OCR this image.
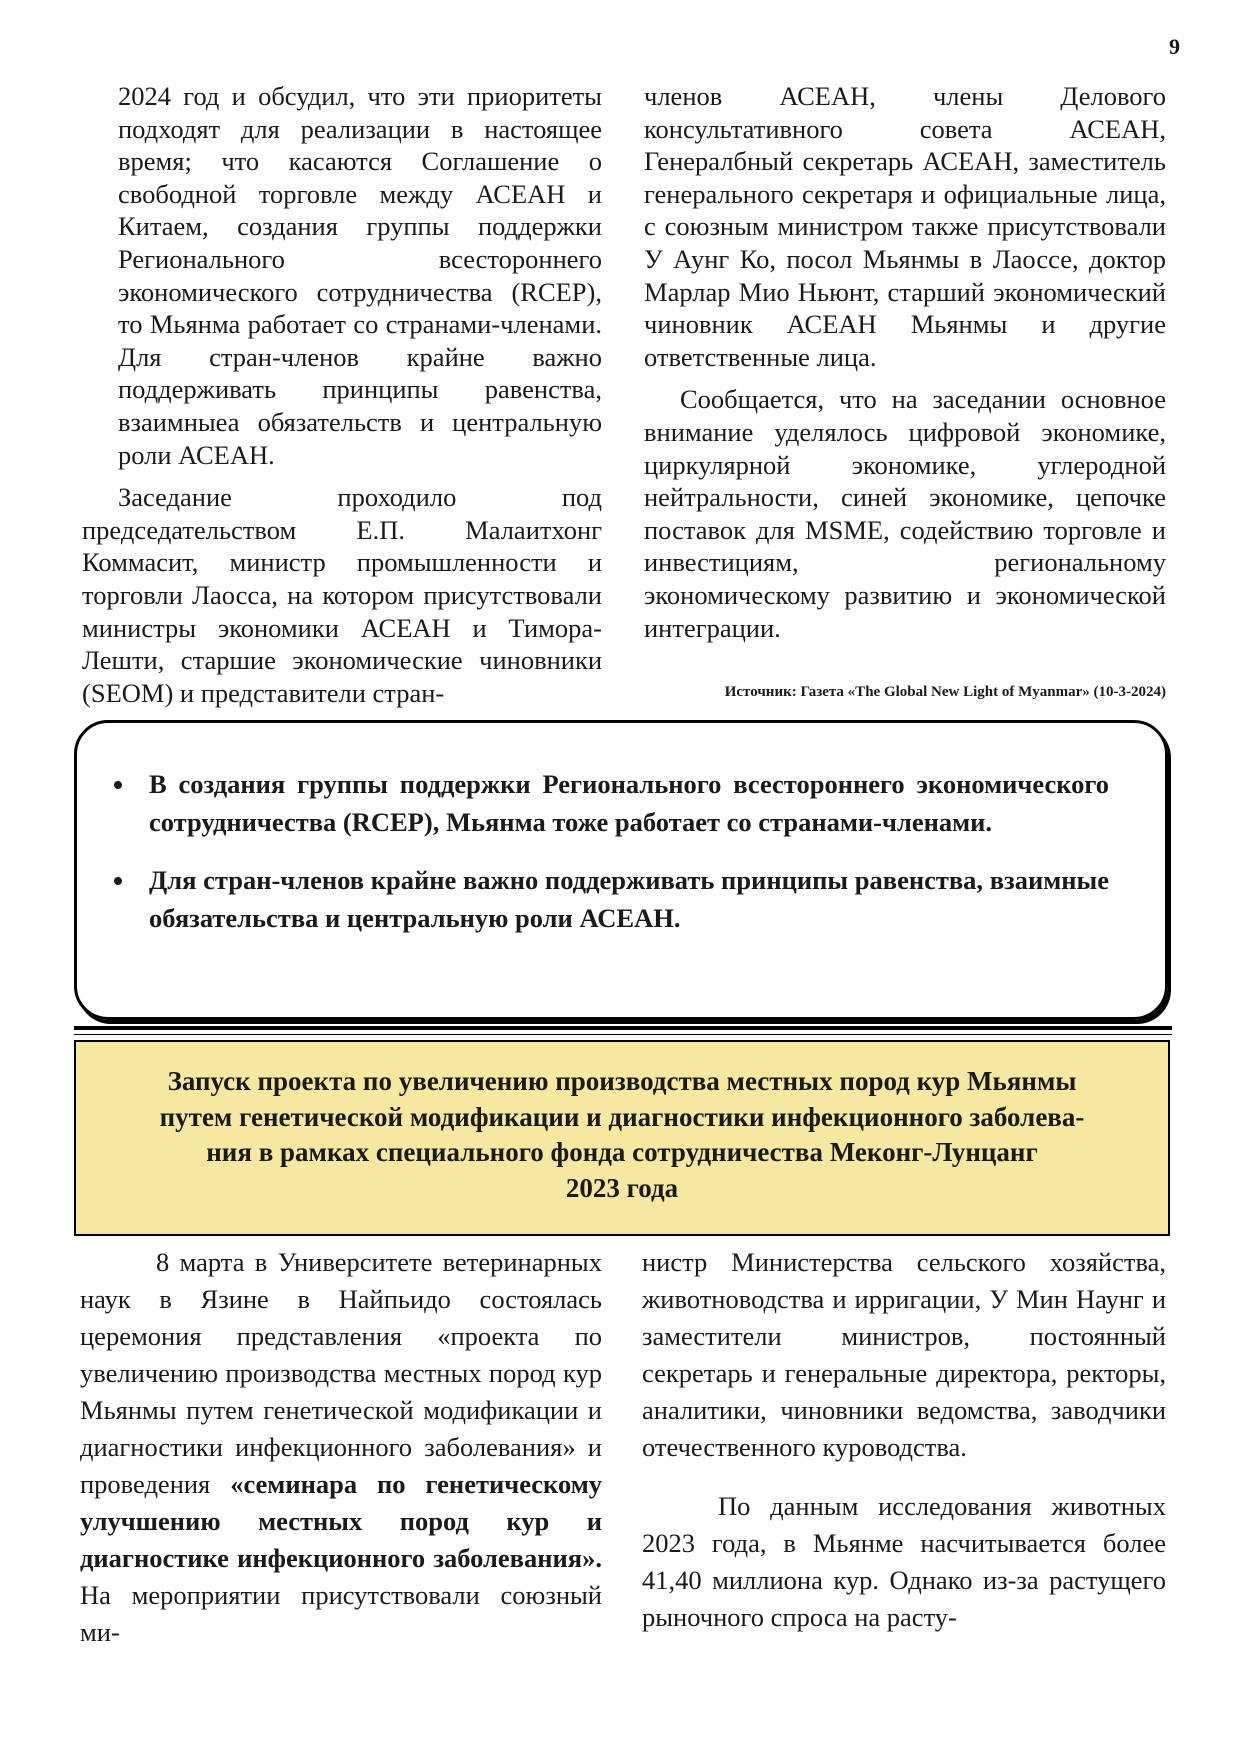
9

2024 год и обсудил, что эти приоритеты подходят для реализации в настоящее время; что касаются Соглашение о свободной торговле между АСЕАН и Китаем, создания группы поддержки Регионального всестороннего экономического сотрудничества (RCEP), то Мьянма работает со странами-членами. Для стран-членов крайне важно поддерживать принципы равенства, взаимныеа обязательств и центральную роли АСЕАН.

Заседание проходило под председательством Е.П. Малаитхонг Коммасит, министр промышленности и торговли Лаосса, на котором присутствовали министры экономики АСЕАН и Тимора-Лешти, старшие экономические чиновники (SEOM) и представители стран-

членов АСЕАН, члены Делового консультативного совета АСЕАН, Генералбный секретарь АСЕАН, заместитель генерального секретаря и официальные лица, с союзным министром также присутствовали У Аунг Ко, посол Мьянмы в Лаоссе, доктор Марлар Мио Ньюнт, старший экономический чиновник АСЕАН Мьянмы и другие ответственные лица.

Сообщается, что на заседании основное внимание уделялось цифровой экономике, циркулярной экономике, углеродной нейтральности, синей экономике, цепочке поставок для MSME, содействию торговле и инвестициям, региональному экономическому развитию и экономической интеграции.

Источник: Газета «The Global New Light of Myanmar» (10-3-2024)
• В создания группы поддержки Регионального всестороннего экономического сотрудничества (RCEP), Мьянма тоже работает со странами-членами.
• Для стран-членов крайне важно поддерживать принципы равенства, взаимные обязательства и центральную роли АСЕАН.
Запуск проекта по увеличению производства местных пород кур Мьянмы
путем генетической модификации и диагностики инфекционного заболева-
ния в рамках специального фонда сотрудничества Меконг-Лунцанг
2023 года

8 марта в Университете ветеринарных наук в Язине в Найпьидо состоялась церемония представления «проекта по увеличению производства местных пород кур Мьянмы путем генетической модификации и диагностики инфекционного заболевания» и проведения «семинара по генетическому улучшению местных пород кур и диагностике инфекционного заболевания». На мероприятии присутствовали союзный ми-

нистр Министерства сельского хозяйства, животноводства и ирригации, У Мин Наунг и заместители министров, постоянный секретарь и генеральные директора, ректоры, аналитики, чиновники ведомства, заводчики отечественного куроводства.

По данным исследования животных 2023 года, в Мьянме насчитывается более 41,40 миллиона кур. Однако из-за растущего рыночного спроса на расту-
